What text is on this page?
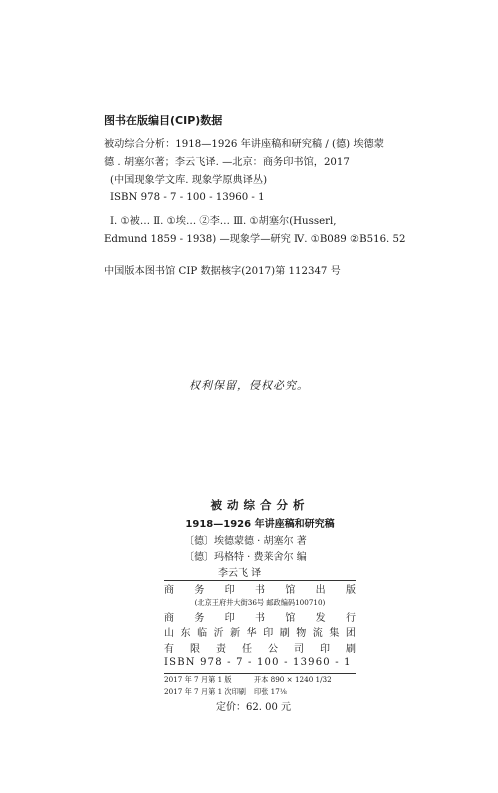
图书在版编目(CIP)数据
被动综合分析：1918—1926 年讲座稿和研究稿 / (德) 埃德蒙
德 . 胡塞尔著；李云飞译. —北京：商务印书馆，2017
(中国现象学文库. 现象学原典译丛)
ISBN 978 - 7 - 100 - 13960 - 1
Ⅰ. ①被… Ⅱ. ①埃… ②李… Ⅲ. ①胡塞尔(Husserl,
Edmund 1859 - 1938) —现象学—研究 Ⅳ. ①B089 ②B516. 52
中国版本图书馆 CIP 数据核字(2017)第 112347 号
权利保留，侵权必究。
被动综合分析
1918—1926 年讲座稿和研究稿
〔德〕埃德蒙德 · 胡塞尔 著
〔德〕玛格特 · 费莱舍尔 编
李云飞 译
商 务 印 书 馆 出 版
(北京王府井大街36号 邮政编码100710)
商 务 印 书 馆 发 行
山 东 临 沂 新 华 印 刷 物 流 集 团
有 限 责 任 公 司 印 刷
ISBN 978 - 7 - 100 - 13960 - 1
2017 年 7 月第 1 版	开本 890 × 1240 1/32
2017 年 7 月第 1 次印刷	印张 17⅛
定价：62. 00 元
